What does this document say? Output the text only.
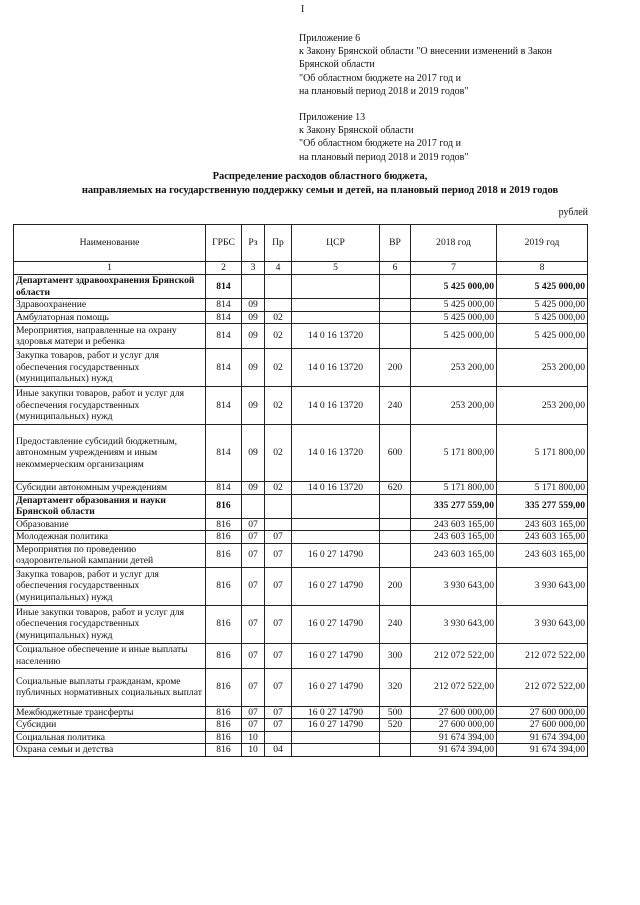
I
Приложение 6
к Закону Брянской области "О внесении изменений в Закон
Брянской области
"Об областном бюджете на 2017 год и
на плановый период 2018 и 2019 годов"
Приложение 13
к Закону Брянской области
"Об областном бюджете на 2017 год и
на плановый период 2018 и 2019 годов"
Распределение расходов областного бюджета,
направляемых на государственную поддержку семьи и детей, на плановый период 2018 и 2019 годов
рублей
Наименование	ГРБС	Рз	Пр	ЦСР	ВР	2018 год	2019 год
1	2	3	4	5	6	7	8
Департамент здравоохранения Брянской области	814					5 425 000,00	5 425 000,00
Здравоохранение	814	09				5 425 000,00	5 425 000,00
Амбулаторная помощь	814	09	02			5 425 000,00	5 425 000,00
Мероприятия, направленные на охрану здоровья матери и ребенка	814	09	02	14 0 16 13720		5 425 000,00	5 425 000,00
Закупка товаров, работ и услуг для обеспечения государственных (муниципальных) нужд	814	09	02	14 0 16 13720	200	253 200,00	253 200,00
Иные закупки товаров, работ и услуг для обеспечения государственных (муниципальных) нужд	814	09	02	14 0 16 13720	240	253 200,00	253 200,00
Предоставление субсидий бюджетным, автономным учреждениям и иным некоммерческим организациям	814	09	02	14 0 16 13720	600	5 171 800,00	5 171 800,00
Субсидии автономным учреждениям	814	09	02	14 0 16 13720	620	5 171 800,00	5 171 800,00
Департамент образования и науки Брянской области	816					335 277 559,00	335 277 559,00
Образование	816	07				243 603 165,00	243 603 165,00
Молодежная политика	816	07	07			243 603 165,00	243 603 165,00
Мероприятия по проведению оздоровительной кампании детей	816	07	07	16 0 27 14790		243 603 165,00	243 603 165,00
Закупка товаров, работ и услуг для обеспечения государственных (муниципальных) нужд	816	07	07	16 0 27 14790	200	3 930 643,00	3 930 643,00
Иные закупки товаров, работ и услуг для обеспечения государственных (муниципальных) нужд	816	07	07	16 0 27 14790	240	3 930 643,00	3 930 643,00
Социальное обеспечение и иные выплаты населению	816	07	07	16 0 27 14790	300	212 072 522,00	212 072 522,00
Социальные выплаты гражданам, кроме публичных нормативных социальных выплат	816	07	07	16 0 27 14790	320	212 072 522,00	212 072 522,00
Межбюджетные трансферты	816	07	07	16 0 27 14790	500	27 600 000,00	27 600 000,00
Субсидии	816	07	07	16 0 27 14790	520	27 600 000,00	27 600 000,00
Социальная политика	816	10				91 674 394,00	91 674 394,00
Охрана семьи и детства	816	10	04			91 674 394,00	91 674 394,00
